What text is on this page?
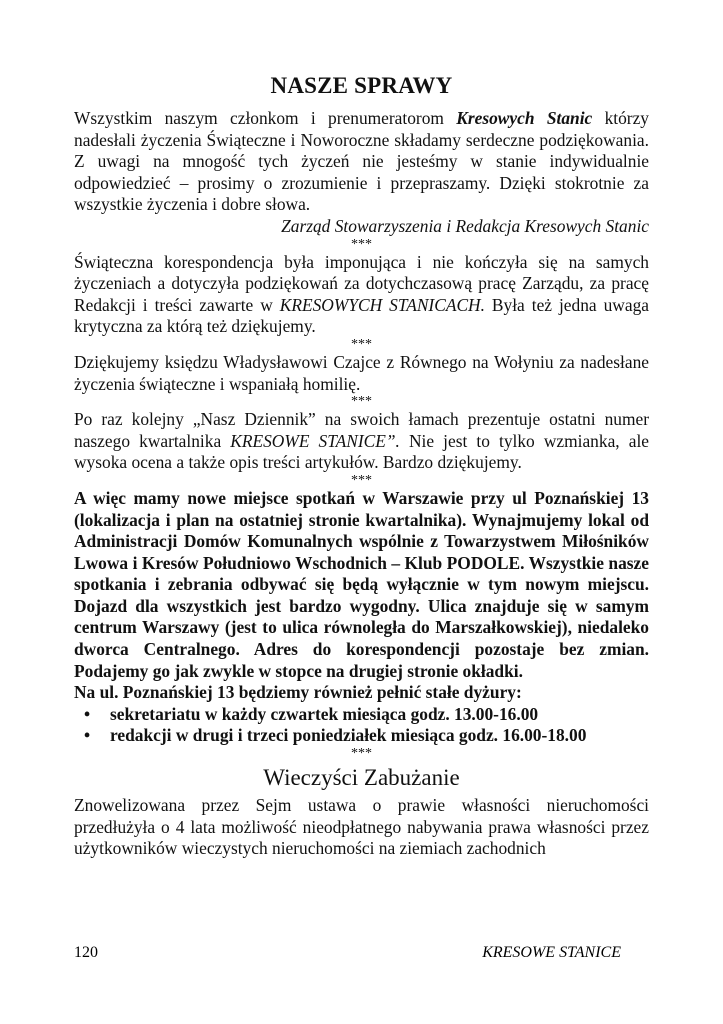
NASZE SPRAWY

Wszystkim naszym członkom i prenumeratorom Kresowych Stanic którzy nadesłali życzenia Świąteczne i Noworoczne składamy serdeczne podziękowania. Z uwagi na mnogość tych życzeń nie jesteśmy w stanie indywidualnie odpowiedzieć – prosimy o zrozumienie i przepraszamy. Dzięki stokrotnie za wszystkie życzenia i dobre słowa.

Zarząd Stowarzyszenia i Redakcja Kresowych Stanic

***

Świąteczna korespondencja była imponująca i nie kończyła się na samych życzeniach a dotyczyła podziękowań za dotychczasową pracę Zarządu, za pracę Redakcji i treści zawarte w KRESOWYCH STANICACH. Była też jedna uwaga krytyczna za którą też dziękujemy.

***

Dziękujemy księdzu Władysławowi Czajce z Równego na Wołyniu za nadesłane życzenia świąteczne i wspaniałą homilię.

***

Po raz kolejny „Nasz Dziennik” na swoich łamach prezentuje ostatni numer naszego kwartalnika KRESOWE STANICE”. Nie jest to tylko wzmianka, ale wysoka ocena a także opis treści artykułów. Bardzo dziękujemy.

***

A więc mamy nowe miejsce spotkań w Warszawie przy ul Poznańskiej 13 (lokalizacja i plan na ostatniej stronie kwartalnika). Wynajmujemy lokal od Administracji Domów Komunalnych wspólnie z Towarzystwem Miłośników Lwowa i Kresów Południowo Wschodnich – Klub PODOLE. Wszystkie nasze spotkania i zebrania odbywać się będą wyłącznie w tym nowym miejscu. Dojazd dla wszystkich jest bardzo wygodny. Ulica znajduje się w samym centrum Warszawy (jest to ulica równoległa do Marszałkowskiej), niedaleko dworca Centralnego. Adres do korespondencji pozostaje bez zmian. Podajemy go jak zwykle w stopce na drugiej stronie okładki.

Na ul. Poznańskiej 13 będziemy również pełnić stałe dyżury:

• sekretariatu w każdy czwartek miesiąca godz. 13.00-16.00
• redakcji w drugi i trzeci poniedziałek miesiąca godz. 16.00-18.00

***

Wieczyści Zabużanie

Znowelizowana przez Sejm ustawa o prawie własności nieruchomości przedłużyła o 4 lata możliwość nieodpłatnego nabywania prawa własności przez użytkowników wieczystych nieruchomości na ziemiach zachodnich

120	KRESOWE STANICE
